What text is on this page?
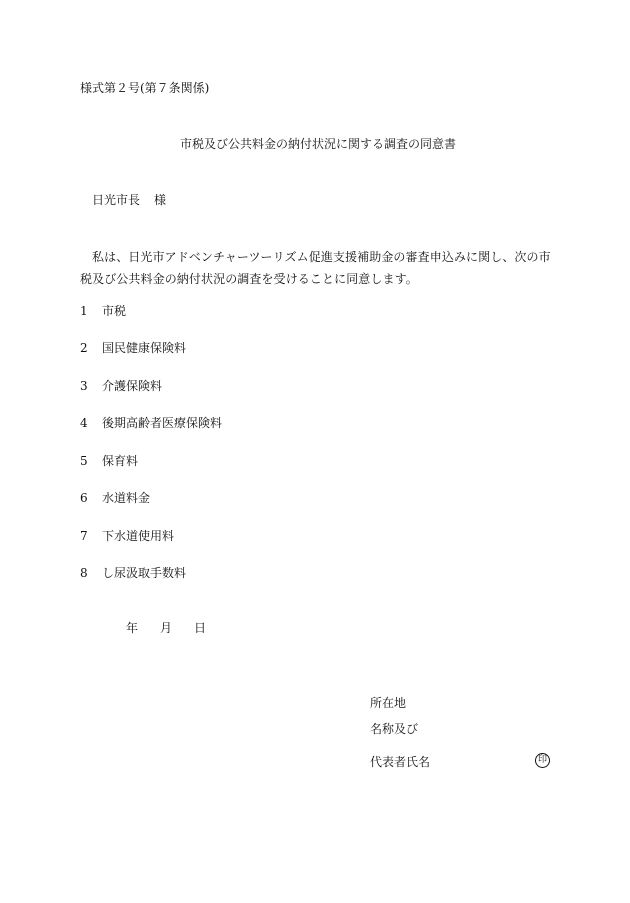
様式第２号(第７条関係)
市税及び公共料金の納付状況に関する調査の同意書
日光市長 様
私は、日光市アドベンチャーツーリズム促進支援補助金の審査申込みに関し、次の市税及び公共料金の納付状況の調査を受けることに同意します。
1 市税
2 国民健康保険料
3 介護保険料
4 後期高齢者医療保険料
5 保育料
6 水道料金
7 下水道使用料
8 し尿汲取手数料
年 月 日
所在地
名称及び
代表者氏名	印
